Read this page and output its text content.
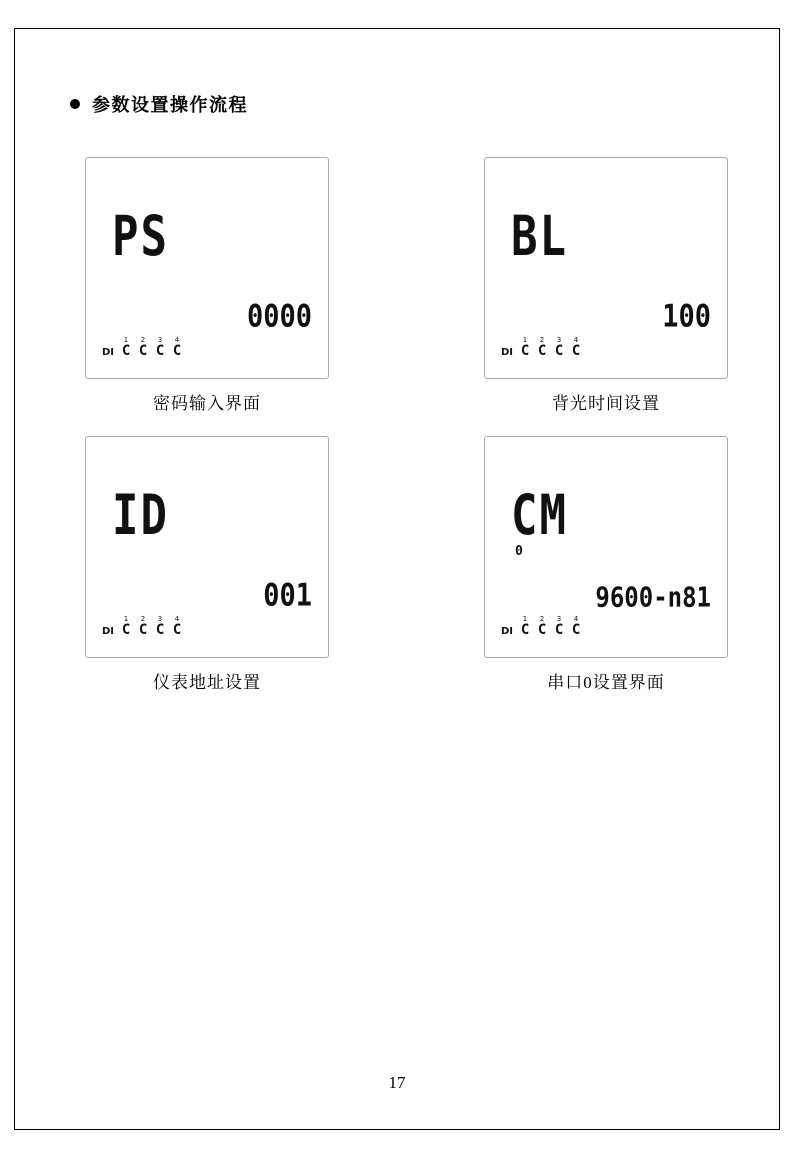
参数设置操作流程
PS
0000
DI
1
C
2
C
3
C
4
C
密码输入界面
BL
100
DI
1
C
2
C
3
C
4
C
背光时间设置
ID
001
DI
1
C
2
C
3
C
4
C
仪表地址设置
CM
0
9600-n81
DI
1
C
2
C
3
C
4
C
串口0设置界面
17
